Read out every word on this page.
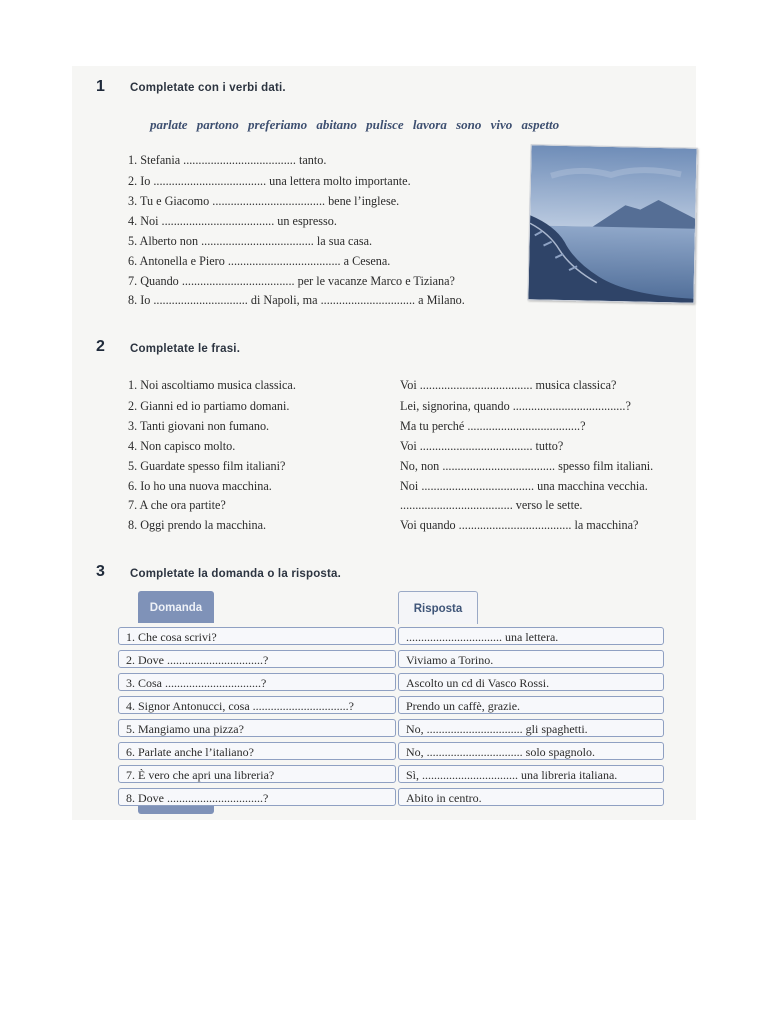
1 Completate con i verbi dati.
parlate partono preferiamo abitano pulisce lavora sono vivo aspetto
1. Stefania ..................................... tanto.
2. Io ..................................... una lettera molto importante.
3. Tu e Giacomo ..................................... bene l’inglese.
4. Noi ..................................... un espresso.
5. Alberto non ..................................... la sua casa.
6. Antonella e Piero ..................................... a Cesena.
7. Quando ..................................... per le vacanze Marco e Tiziana?
8. Io ............................... di Napoli, ma ............................... a Milano.
2 Completate le frasi.
1. Noi ascoltiamo musica classica.
2. Gianni ed io partiamo domani.
3. Tanti giovani non fumano.
4. Non capisco molto.
5. Guardate spesso film italiani?
6. Io ho una nuova macchina.
7. A che ora partite?
8. Oggi prendo la macchina.
Voi ..................................... musica classica?
Lei, signorina, quando .....................................?
Ma tu perché .....................................?
Voi ..................................... tutto?
No, non ..................................... spesso film italiani.
Noi ..................................... una macchina vecchia.
..................................... verso le sette.
Voi quando ..................................... la macchina?
3 Completate la domanda o la risposta.
Domanda	Risposta
1. Che cosa scrivi?
2. Dove ................................?
3. Cosa ................................?
4. Signor Antonucci, cosa ................................?
5. Mangiamo una pizza?
6. Parlate anche l’italiano?
7. È vero che apri una libreria?
8. Dove ................................?
................................ una lettera.
Viviamo a Torino.
Ascolto un cd di Vasco Rossi.
Prendo un caffè, grazie.
No, ................................ gli spaghetti.
No, ................................ solo spagnolo.
Sì, ................................ una libreria italiana.
Abito in centro.
